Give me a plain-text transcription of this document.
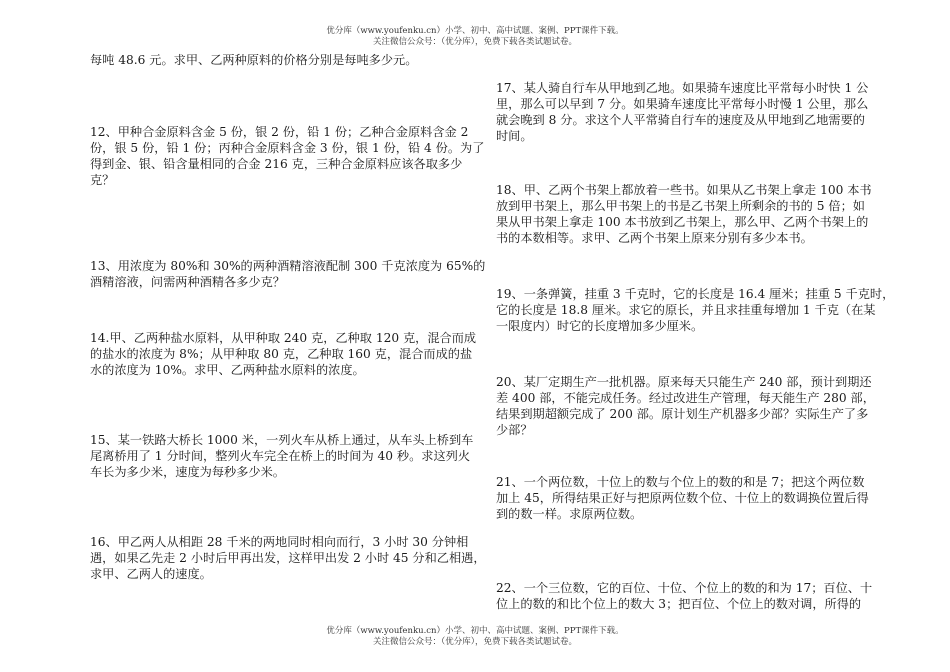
优分库（www.youfenku.cn）小学、初中、高中试题、案例、PPT课件下载。
关注微信公众号：（优分库），免费下载各类试题试卷。
每吨 48.6 元。求甲、乙两种原料的价格分别是每吨多少元。
12、甲种合金原料含金 5 份，银 2 份，铅 1 份；乙种合金原料含金 2
份，银 5 份，铅 1 份；丙种合金原料含金 3 份，银 1 份，铅 4 份。为了
得到金、银、铅含量相同的合金 216 克，三种合金原料应该各取多少
克？
13、用浓度为 80%和 30%的两种酒精溶液配制 300 千克浓度为 65%的
酒精溶液，问需两种酒精各多少克？
14.甲、乙两种盐水原料，从甲种取 240 克，乙种取 120 克，混合而成
的盐水的浓度为 8%；从甲种取 80 克，乙种取 160 克，混合而成的盐
水的浓度为 10%。求甲、乙两种盐水原料的浓度。
15、某一铁路大桥长 1000 米，一列火车从桥上通过，从车头上桥到车
尾离桥用了 1 分时间，整列火车完全在桥上的时间为 40 秒。求这列火
车长为多少米，速度为每秒多少米。
16、甲乙两人从相距 28 千米的两地同时相向而行，3 小时 30 分钟相
遇，如果乙先走 2 小时后甲再出发，这样甲出发 2 小时 45 分和乙相遇，
求甲、乙两人的速度。
17、某人骑自行车从甲地到乙地。如果骑车速度比平常每小时快 1 公
里，那么可以早到 7 分。如果骑车速度比平常每小时慢 1 公里，那么
就会晚到 8 分。求这个人平常骑自行车的速度及从甲地到乙地需要的
时间。
18、甲、乙两个书架上都放着一些书。如果从乙书架上拿走 100 本书
放到甲书架上，那么甲书架上的书是乙书架上所剩余的书的 5 倍；如
果从甲书架上拿走 100 本书放到乙书架上，那么甲、乙两个书架上的
书的本数相等。求甲、乙两个书架上原来分别有多少本书。
19、一条弹簧，挂重 3 千克时，它的长度是 16.4 厘米；挂重 5 千克时，
它的长度是 18.8 厘米。求它的原长，并且求挂重每增加 1 千克（在某
一限度内）时它的长度增加多少厘米。
20、某厂定期生产一批机器。原来每天只能生产 240 部，预计到期还
差 400 部，不能完成任务。经过改进生产管理，每天能生产 280 部，
结果到期超额完成了 200 部。原计划生产机器多少部？实际生产了多
少部？
21、一个两位数，十位上的数与个位上的数的和是 7；把这个两位数
加上 45，所得结果正好与把原两位数个位、十位上的数调换位置后得
到的数一样。求原两位数。
22、一个三位数，它的百位、十位、个位上的数的和为 17；百位、十
位上的数的和比个位上的数大 3；把百位、个位上的数对调，所得的
优分库（www.youfenku.cn）小学、初中、高中试题、案例、PPT课件下载。
关注微信公众号：（优分库），免费下载各类试题试卷。
